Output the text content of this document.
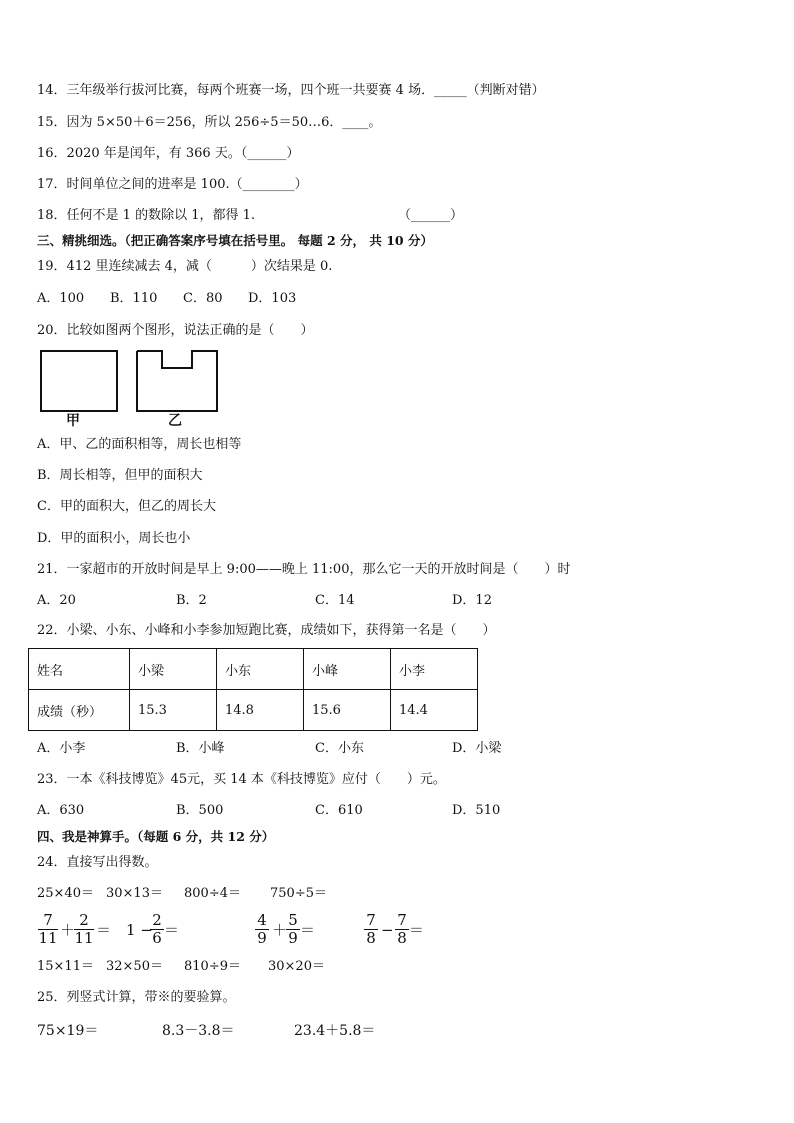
14．三年级举行拔河比赛，每两个班赛一场，四个班一共要赛 4 场．_____（判断对错）
15．因为 5×50＋6＝256，所以 256÷5＝50…6．____。
16．2020 年是闰年，有 366 天。（______）
17．时间单位之间的进率是 100.（________）
18．任何不是 1 的数除以 1，都得 1.	（______）
三、精挑细选。（把正确答案序号填在括号里。 每题 2 分， 共 10 分）
19．412 里连续减去 4，减（　　　）次结果是 0.
A．100 B．110 C．80 D．103
20．比较如图两个图形，说法正确的是（　　）
甲	乙
A．甲、乙的面积相等，周长也相等
B．周长相等，但甲的面积大
C．甲的面积大，但乙的周长大
D．甲的面积小，周长也小
21．一家超市的开放时间是早上 9:00——晚上 11:00，那么它一天的开放时间是（　　）时
A．20	B．2	C．14	D．12
22．小梁、小东、小峰和小李参加短跑比赛，成绩如下，获得第一名是（　　）
姓名	小梁	小东	小峰	小李
成绩（秒）	15.3	14.8	15.6	14.4
A．小李	B．小峰	C．小东	D．小梁
23．一本《科技博览》45元，买 14 本《科技博览》应付（　　）元。
A．630	B．500	C．610	D．510
四、我是神算手。（每题 6 分，共 12 分）
24．直接写出得数。
25×40＝ 30×13＝ 800÷4＝ 750÷5＝
7
11 ＋
2
11 ＝ 1 −
2
6 ＝
4
9 ＋
5
9 ＝
7
8 −
7
8 ＝
15×11＝ 32×50＝ 810÷9＝ 30×20＝
25．列竖式计算，带※的要验算。
75×19＝	8.3－3.8＝	23.4＋5.8＝
